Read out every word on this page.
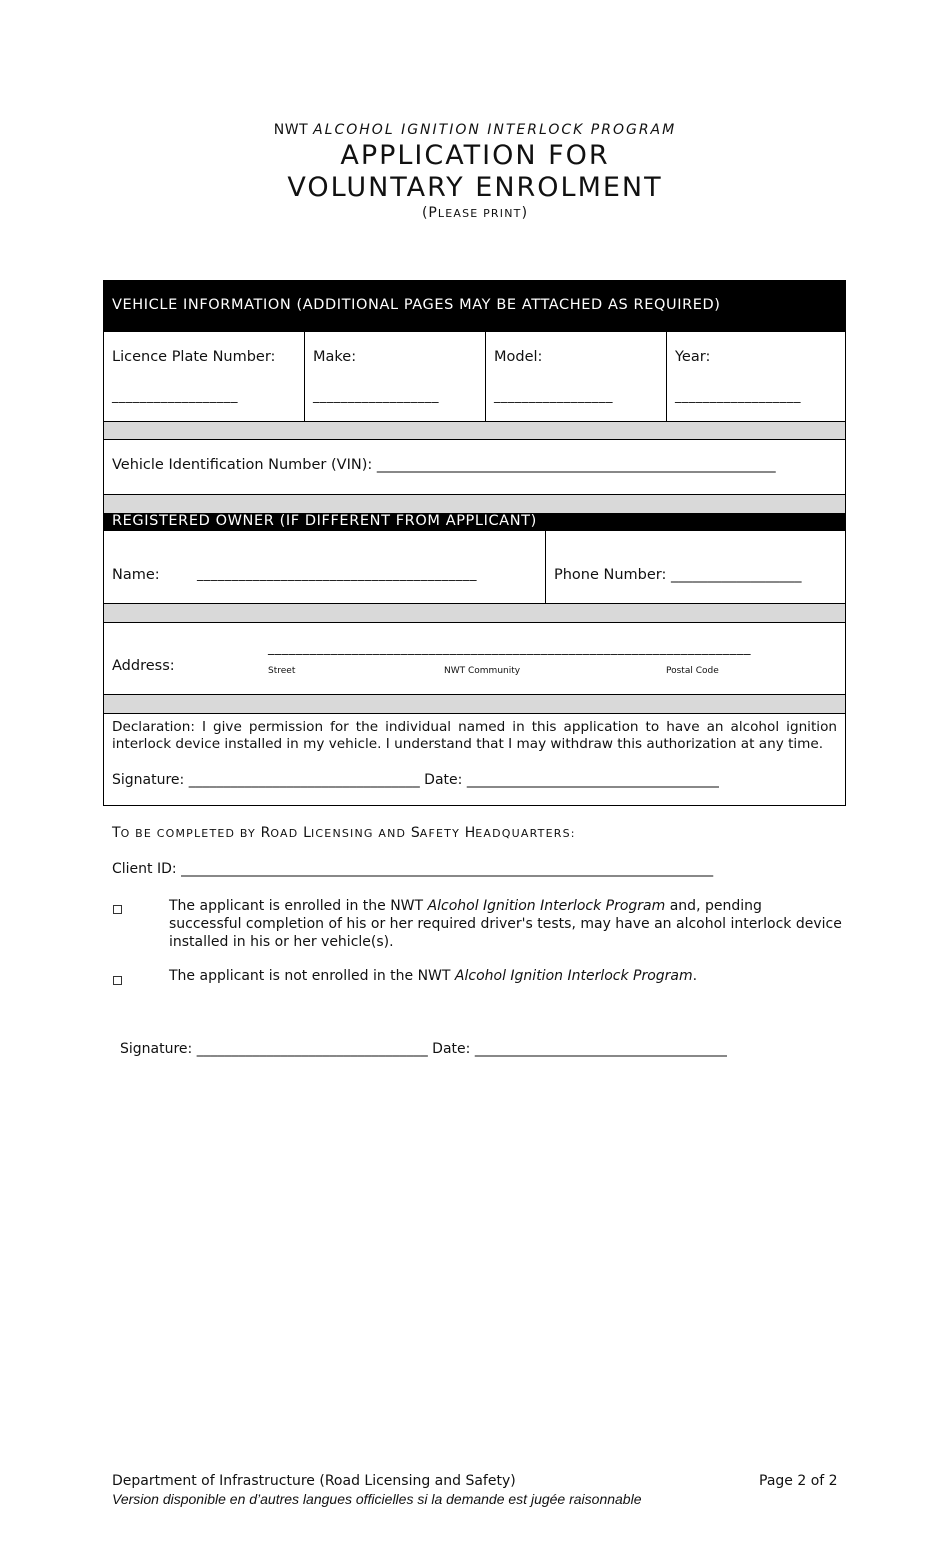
NWT ALCOHOL IGNITION INTERLOCK PROGRAM
APPLICATION FOR
VOLUNTARY ENROLMENT
(PLEASE PRINT)
VEHICLE INFORMATION (ADDITIONAL PAGES MAY BE ATTACHED AS REQUIRED)
Licence Plate Number:
__________________
Make:
__________________
Model:
_________________
Year:
__________________
Vehicle Identification Number (VIN): _______________________________________________________
REGISTERED OWNER (IF DIFFERENT FROM APPLICANT)
Name:	________________________________________	Phone Number: __________________
Address:
_____________________________________________________________________
Street	NWT Community	Postal Code
Declaration: I give permission for the individual named in this application to have an alcohol ignition interlock device installed in my vehicle. I understand that I may withdraw this authorization at any time.
Signature: _________________________________ Date: ____________________________________
TO BE COMPLETED BY ROAD LICENSING AND SAFETY HEADQUARTERS:
Client ID: ____________________________________________________________________________
The applicant is enrolled in the NWT Alcohol Ignition Interlock Program and, pending
successful completion of his or her required driver's tests, may have an alcohol interlock device
installed in his or her vehicle(s).
The applicant is not enrolled in the NWT Alcohol Ignition Interlock Program.
Signature: _________________________________ Date: ____________________________________
Department of Infrastructure (Road Licensing and Safety)	Page 2 of 2
Version disponible en d’autres langues officielles si la demande est jugée raisonnable
